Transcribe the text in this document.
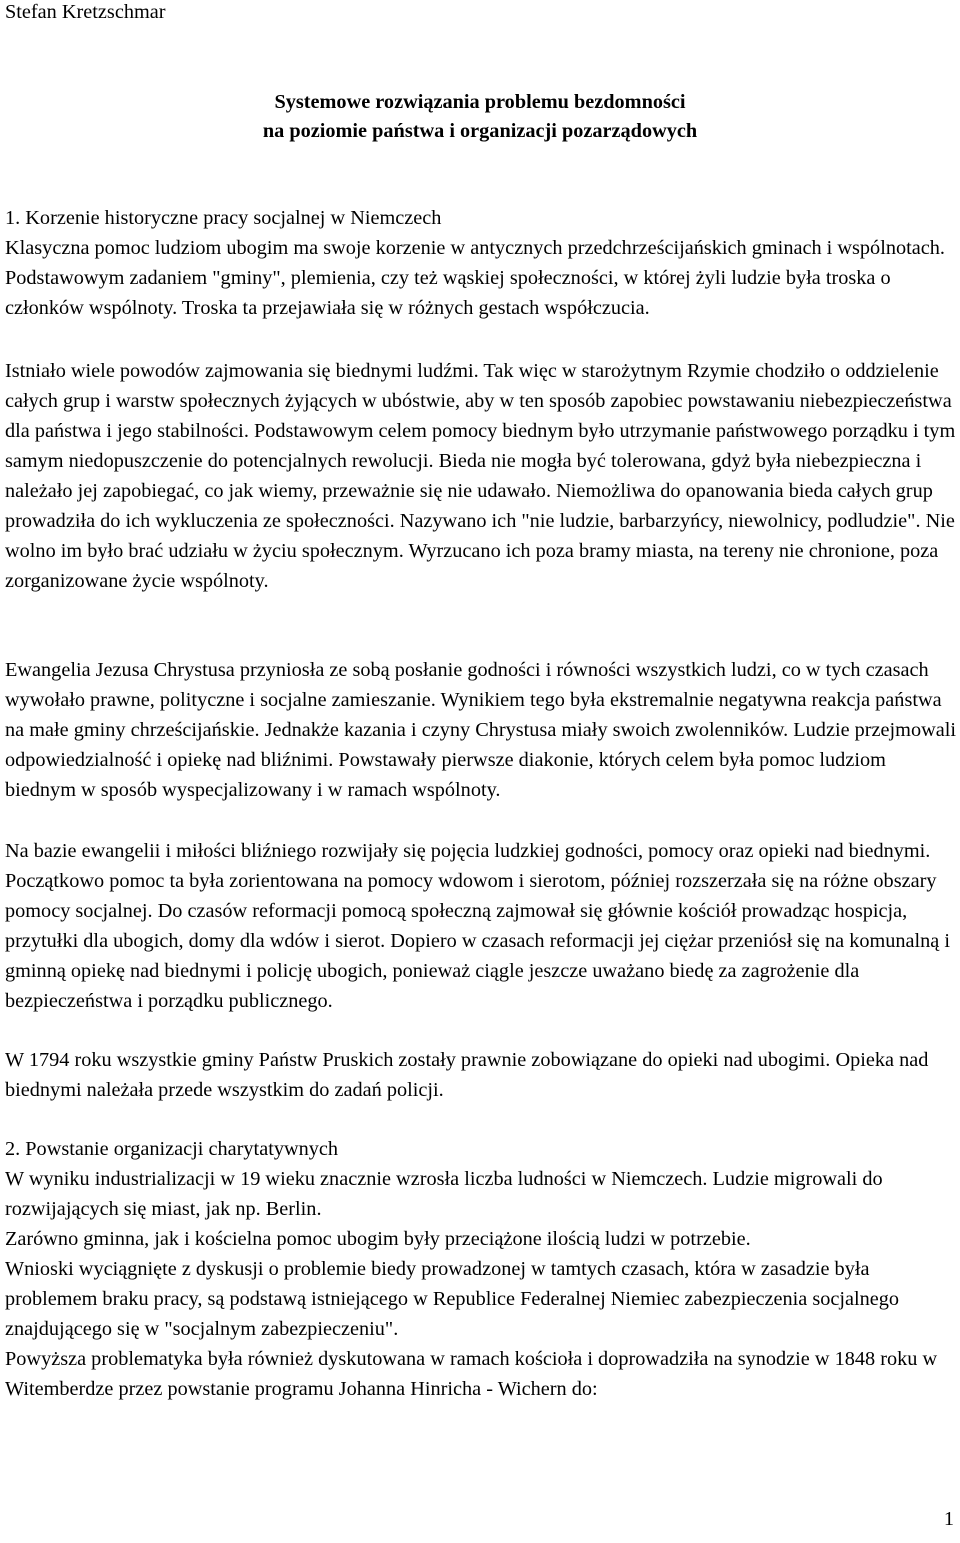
Stefan Kretzschmar

Systemowe rozwiązania problemu bezdomności

na poziomie państwa i organizacji pozarządowych

1. Korzenie historyczne pracy socjalnej w Niemczech

Klasyczna pomoc ludziom ubogim ma swoje korzenie w antycznych przedchrześcijańskich gminach i wspólnotach. Podstawowym zadaniem "gminy", plemienia, czy też wąskiej społeczności, w której żyli ludzie była troska o członków wspólnoty. Troska ta przejawiała się w różnych gestach współczucia.

Istniało wiele powodów zajmowania się biednymi ludźmi. Tak więc w starożytnym Rzymie chodziło o oddzielenie całych grup i warstw społecznych żyjących w ubóstwie, aby w ten sposób zapobiec powstawaniu niebezpieczeństwa dla państwa i jego stabilności. Podstawowym celem pomocy biednym było utrzymanie państwowego porządku i tym samym niedopuszczenie do potencjalnych rewolucji. Bieda nie mogła być tolerowana, gdyż była niebezpieczna i należało jej zapobiegać, co jak wiemy, przeważnie się nie udawało. Niemożliwa do opanowania bieda całych grup prowadziła do ich wykluczenia ze społeczności. Nazywano ich "nie ludzie, barbarzyńcy, niewolnicy, podludzie". Nie wolno im było brać udziału w życiu społecznym. Wyrzucano ich poza bramy miasta, na tereny nie chronione, poza zorganizowane życie wspólnoty.

Ewangelia Jezusa Chrystusa przyniosła ze sobą posłanie godności i równości wszystkich ludzi, co w tych czasach wywołało prawne, polityczne i socjalne zamieszanie. Wynikiem tego była ekstremalnie negatywna reakcja państwa na małe gminy chrześcijańskie. Jednakże kazania i czyny Chrystusa miały swoich zwolenników. Ludzie przejmowali odpowiedzialność i opiekę nad bliźnimi. Powstawały pierwsze diakonie, których celem była pomoc ludziom biednym w sposób wyspecjalizowany i w ramach wspólnoty.

Na bazie ewangelii i miłości bliźniego rozwijały się pojęcia ludzkiej godności, pomocy oraz opieki nad biednymi. Początkowo pomoc ta była zorientowana na pomocy wdowom i sierotom, później rozszerzała się na różne obszary pomocy socjalnej. Do czasów reformacji pomocą społeczną zajmował się głównie kościół prowadząc hospicja, przytułki dla ubogich, domy dla wdów i sierot. Dopiero w czasach reformacji jej ciężar przeniósł się na komunalną i gminną opiekę nad biednymi i policję ubogich, ponieważ ciągle jeszcze uważano biedę za zagrożenie dla bezpieczeństwa i porządku publicznego.

W 1794 roku wszystkie gminy Państw Pruskich zostały prawnie zobowiązane do opieki nad ubogimi. Opieka nad biednymi należała przede wszystkim do zadań policji.

2. Powstanie organizacji charytatywnych

W wyniku industrializacji w 19 wieku znacznie wzrosła liczba ludności w Niemczech. Ludzie migrowali do rozwijających się miast, jak np. Berlin.

Zarówno gminna, jak i kościelna pomoc ubogim były przeciążone ilością ludzi w potrzebie.

Wnioski wyciągnięte z dyskusji o problemie biedy prowadzonej w tamtych czasach, która w zasadzie była problemem braku pracy, są podstawą istniejącego w Republice Federalnej Niemiec zabezpieczenia socjalnego znajdującego się w "socjalnym zabezpieczeniu".

Powyższa problematyka była również dyskutowana w ramach kościoła i doprowadziła na synodzie w 1848 roku w Witemberdze przez powstanie programu Johanna Hinricha - Wichern do:

1
